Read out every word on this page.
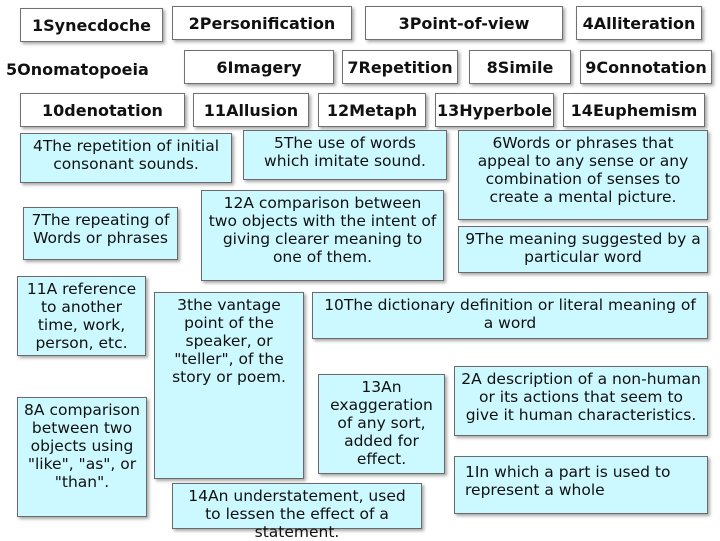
1Synecdoche	2Personification	3Point-of-view	4Alliteration
5Onomatopoeia	6Imagery	7Repetition	8Simile	9Connotation
10denotation	11Allusion	12Metaph	13Hyperbole	14Euphemism
4The repetition of initial consonant sounds.
5The use of words which imitate sound.
6Words or phrases that appeal to any sense or any combination of senses to create a mental picture.
7The repeating of Words or phrases
12A comparison between two objects with the intent of giving clearer meaning to one of them.
9The meaning suggested by a particular word
11A reference to another time, work, person, etc.
3the vantage point of the speaker, or "teller", of the story or poem.
10The dictionary definition or literal meaning of a word
13An exaggeration of any sort, added for effect.
2A description of a non-human or its actions that seem to give it human characteristics.
8A comparison between two objects using "like", "as", or "than".
1In which a part is used to represent a whole
14An understatement, used to lessen the effect of a statement.
